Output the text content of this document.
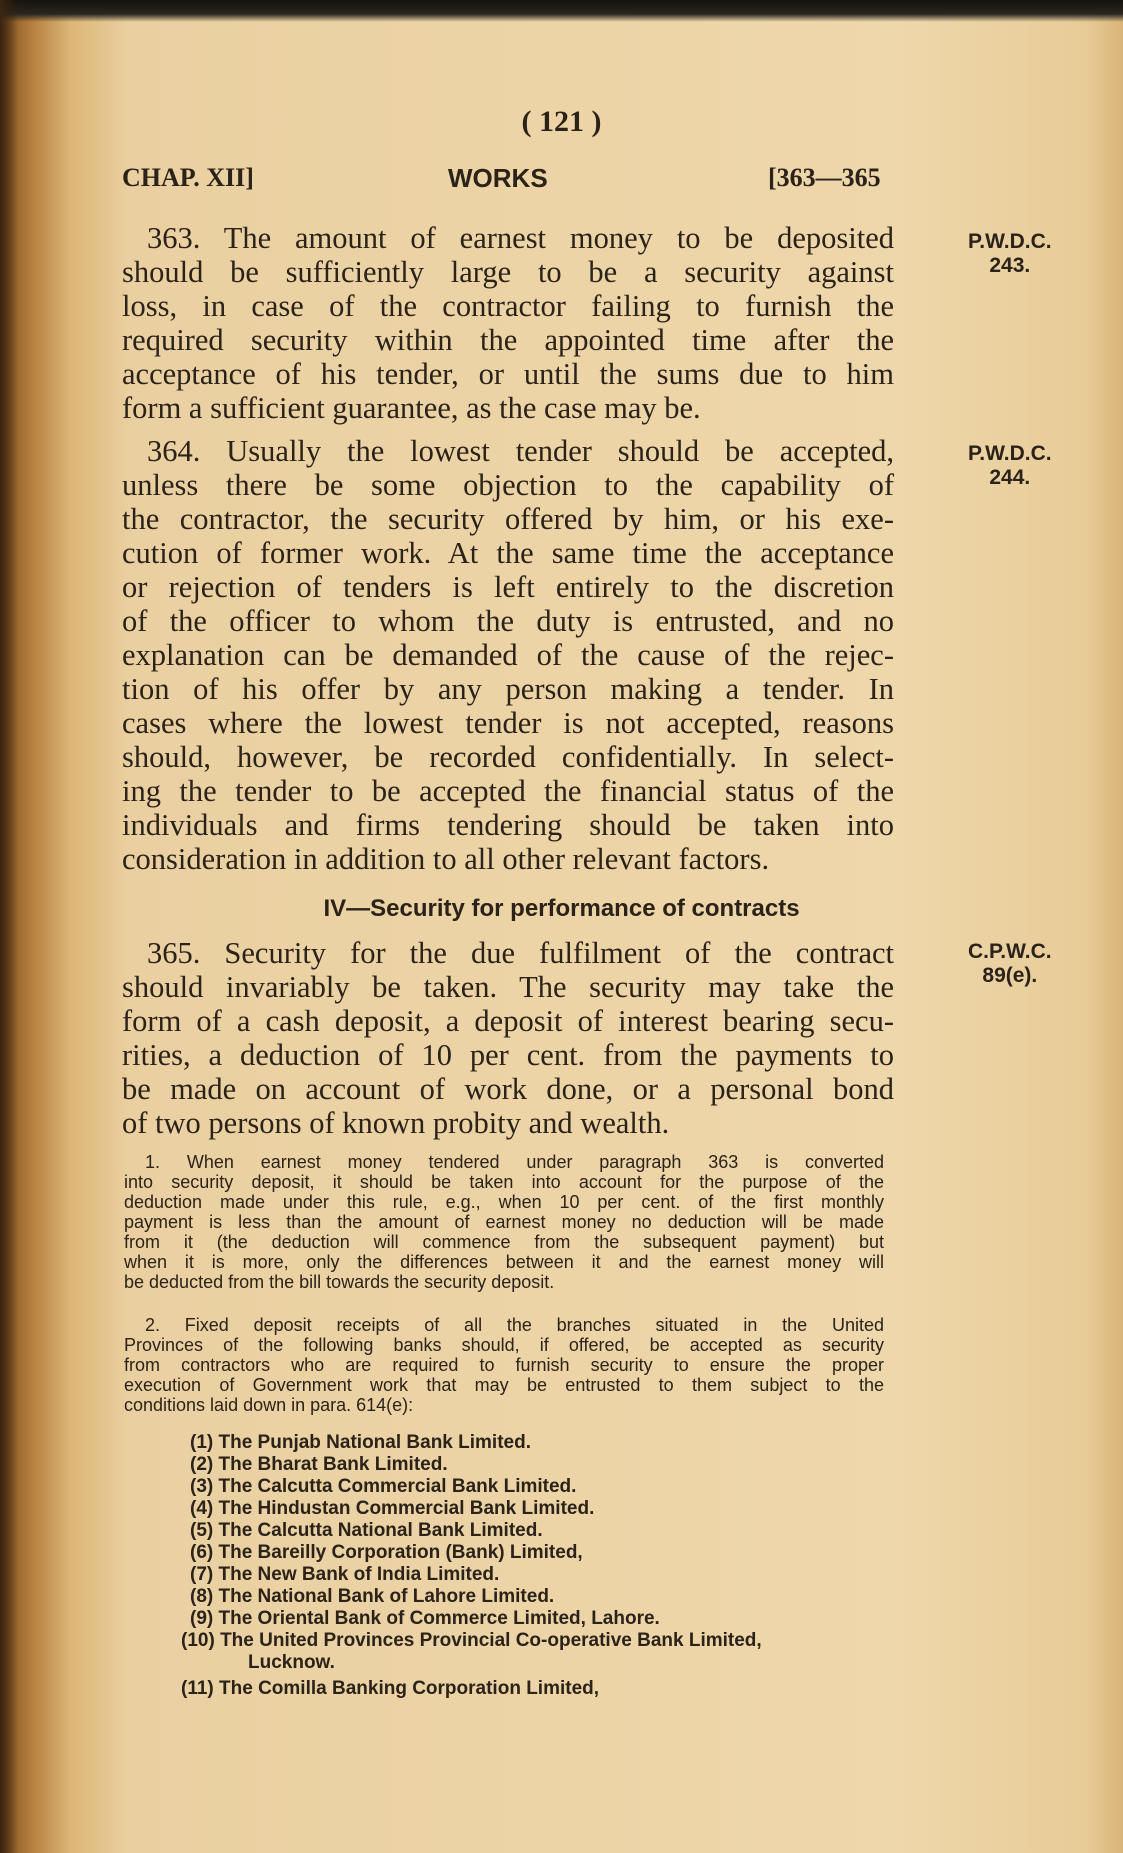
( 121 )
CHAP. XII]	WORKS	[363—365
363. The amount of earnest money to be deposited
should be sufficiently large to be a security against
loss, in case of the contractor failing to furnish the
required security within the appointed time after the
acceptance of his tender, or until the sums due to him
form a sufficient guarantee, as the case may be.
P.W.D.C.
243.
364. Usually the lowest tender should be accepted,
unless there be some objection to the capability of
the contractor, the security offered by him, or his exe-
cution of former work. At the same time the acceptance
or rejection of tenders is left entirely to the discretion
of the officer to whom the duty is entrusted, and no
explanation can be demanded of the cause of the rejec-
tion of his offer by any person making a tender. In
cases where the lowest tender is not accepted, reasons
should, however, be recorded confidentially. In select-
ing the tender to be accepted the financial status of the
individuals and firms tendering should be taken into
consideration in addition to all other relevant factors.
P.W.D.C.
244.
IV—Security for performance of contracts
365. Security for the due fulfilment of the contract
should invariably be taken. The security may take the
form of a cash deposit, a deposit of interest bearing secu-
rities, a deduction of 10 per cent. from the payments to
be made on account of work done, or a personal bond
of two persons of known probity and wealth.
C.P.W.C.
89(e).
1. When earnest money tendered under paragraph 363 is converted
into security deposit, it should be taken into account for the purpose of the
deduction made under this rule, e.g., when 10 per cent. of the first monthly
payment is less than the amount of earnest money no deduction will be made
from it (the deduction will commence from the subsequent payment) but
when it is more, only the differences between it and the earnest money will
be deducted from the bill towards the security deposit.
2. Fixed deposit receipts of all the branches situated in the United
Provinces of the following banks should, if offered, be accepted as security
from contractors who are required to furnish security to ensure the proper
execution of Government work that may be entrusted to them subject to the
conditions laid down in para. 614(e):
(1) The Punjab National Bank Limited.
(2) The Bharat Bank Limited.
(3) The Calcutta Commercial Bank Limited.
(4) The Hindustan Commercial Bank Limited.
(5) The Calcutta National Bank Limited.
(6) The Bareilly Corporation (Bank) Limited,
(7) The New Bank of India Limited.
(8) The National Bank of Lahore Limited.
(9) The Oriental Bank of Commerce Limited, Lahore.
(10) The United Provinces Provincial Co-operative Bank Limited,
Lucknow.
(11) The Comilla Banking Corporation Limited,
